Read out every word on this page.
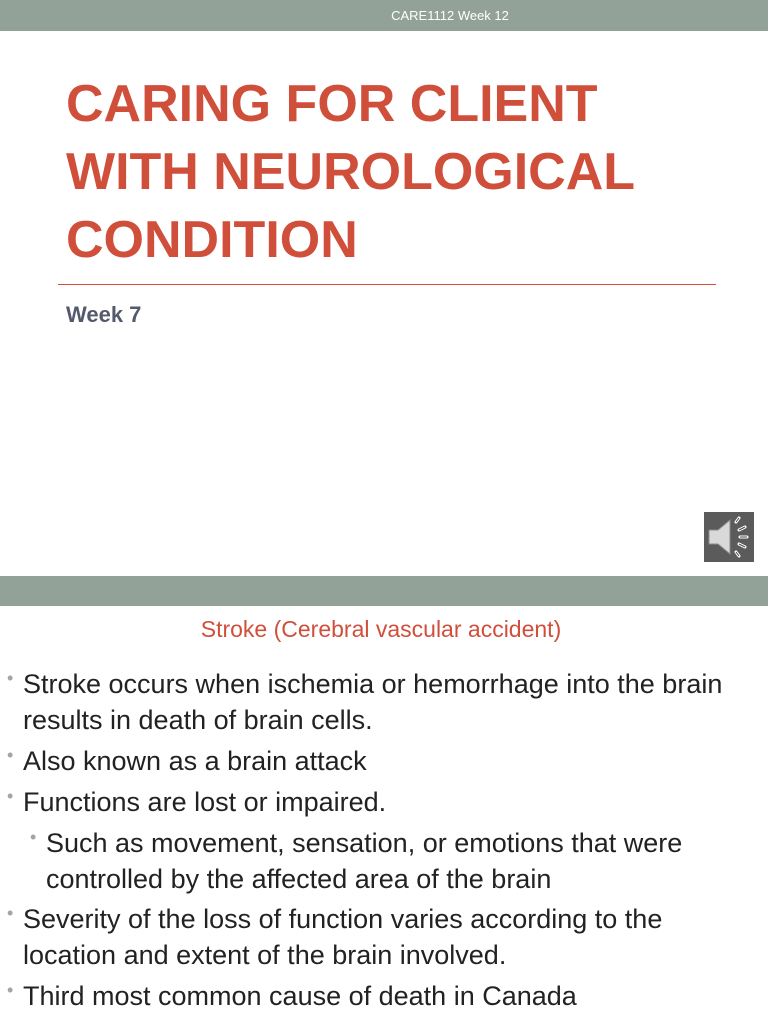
CARE1112 Week 12
CARING FOR CLIENT
WITH NEUROLOGICAL
CONDITION
Week 7
Stroke (Cerebral vascular accident)
• Stroke occurs when ischemia or hemorrhage into the brain results in death of brain cells.
• Also known as a brain attack
• Functions are lost or impaired.
• Such as movement, sensation, or emotions that were controlled by the affected area of the brain
• Severity of the loss of function varies according to the location and extent of the brain involved.
• Third most common cause of death in Canada
